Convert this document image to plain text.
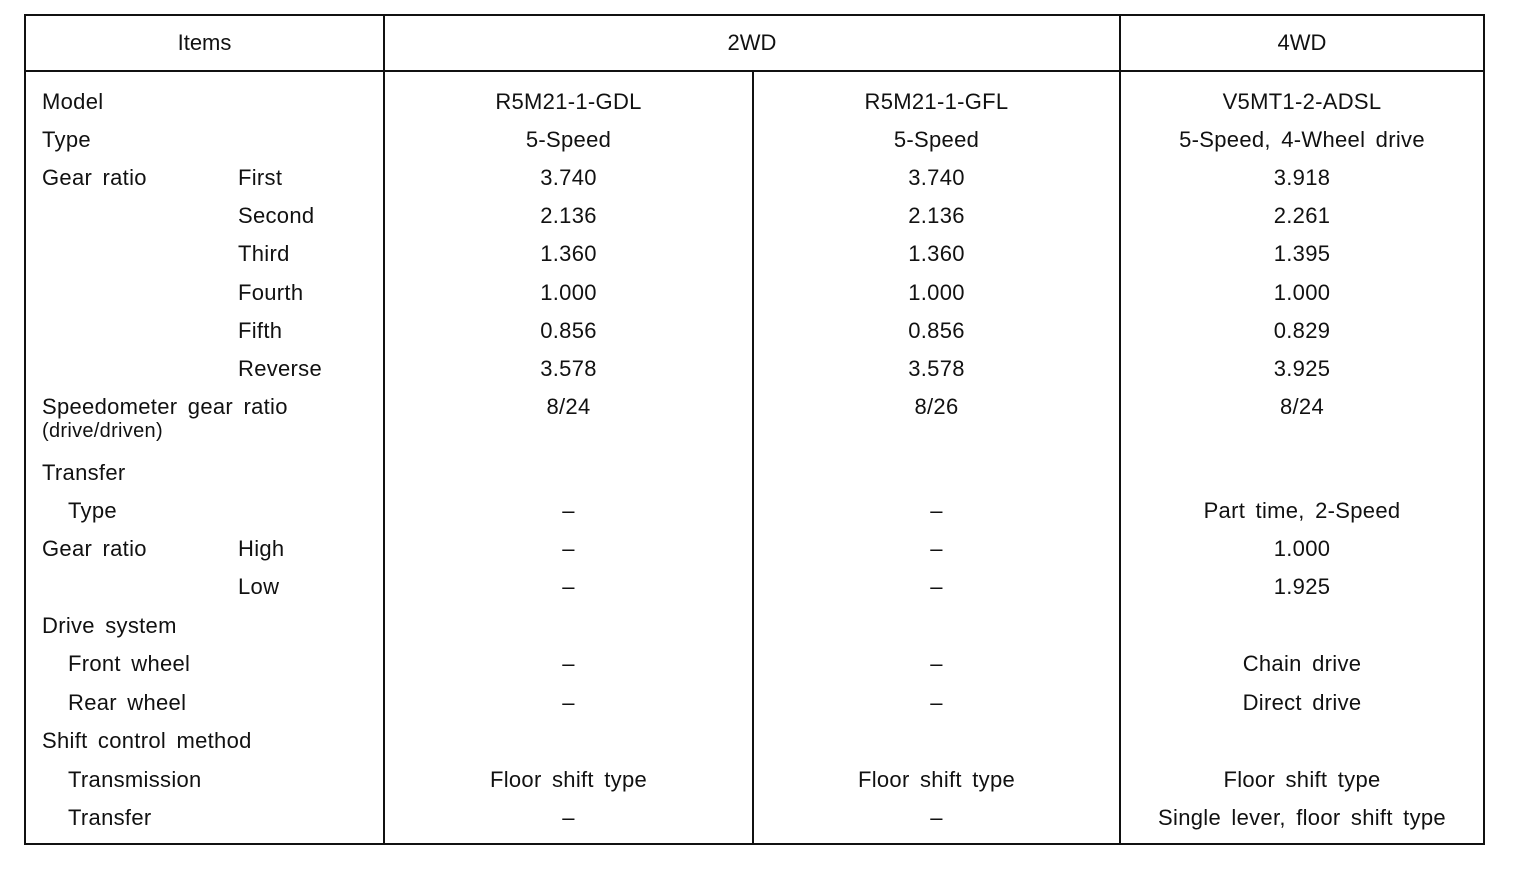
Items	2WD	4WD
Model	R5M21-1-GDL	R5M21-1-GFL	V5MT1-2-ADSL
Type	5-Speed	5-Speed	5-Speed, 4-Wheel drive
Gear ratio	First	3.740	3.740	3.918
Second	2.136	2.136	2.261
Third	1.360	1.360	1.395
Fourth	1.000	1.000	1.000
Fifth	0.856	0.856	0.829
Reverse	3.578	3.578	3.925
Speedometer gear ratio
(drive/driven)
8/24	8/26	8/24
Transfer
Type	–	–	Part time, 2-Speed
Gear ratio	High	–	–	1.000
Low	–	–	1.925
Drive system
Front wheel	–	–	Chain drive
Rear wheel	–	–	Direct drive
Shift control method
Transmission	Floor shift type	Floor shift type	Floor shift type
Transfer	–	–	Single lever, floor shift type
